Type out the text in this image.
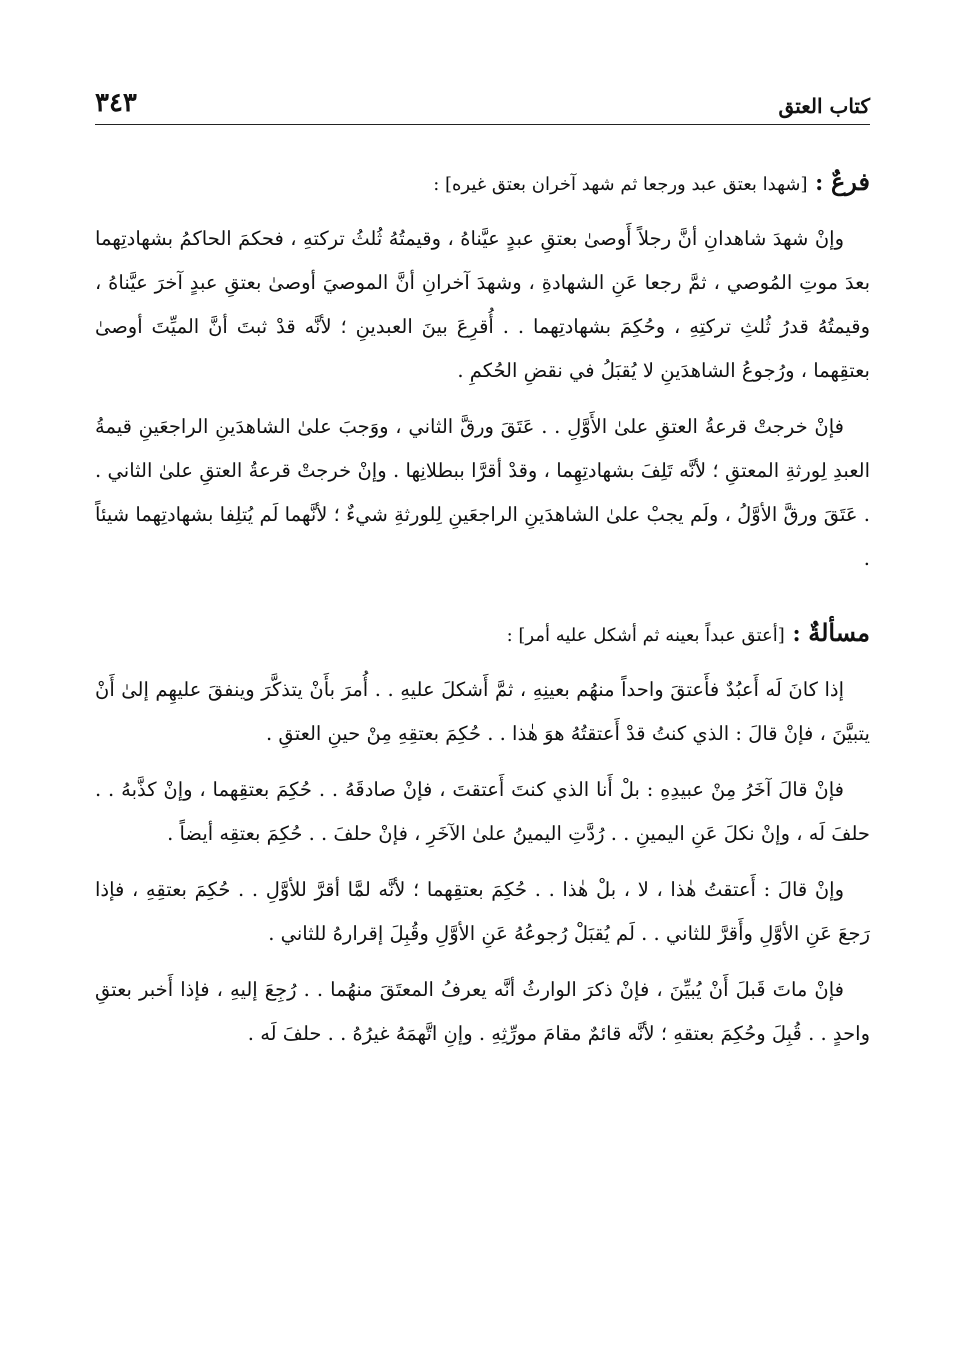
كتاب العتق
٣٤٣
فرعٌ : [شهدا بعتق عبد ورجعا ثم شهد آخران بعتق غيره] :

وإنْ شهدَ شاهدانِ أنَّ رجلاً أَوصىٰ بعتقِ عبدٍ عيَّناهُ ، وقيمتُهُ ثُلثُ تركتهِ ، فحكمَ الحاكمُ بشهادتِهما بعدَ موتِ المُوصي ، ثمَّ رجعا عَنِ الشهادةِ ، وشهدَ آخرانِ أنَّ الموصيَ أوصىٰ بعتقِ عبدٍ آخرَ عيَّناهُ ، وقيمتُهُ قدرُ ثُلثِ تركتِهِ ، وحُكِمَ بشهادتِهما . . أُقرِعَ بينَ العبدينِ ؛ لأنَّه قدْ ثبتَ أنَّ الميِّتَ أوصىٰ بعتقِهما ، ورُجوعُ الشاهدَينِ لا يُقبَلُ في نقضِ الحُكمِ .

فإنْ خرجتْ قرعةُ العتقِ علىٰ الأَوَّلِ . . عَتَقَ ورقَّ الثاني ، ووَجبَ علىٰ الشاهدَينِ الراجعَينِ قيمةُ العبدِ لِورثةِ المعتقِ ؛ لأنَّه تَلِفَ بشهادتِهِما ، وقدْ أقرَّا ببطلانِها . وإنْ خرجتْ قرعةُ العتقِ علىٰ الثاني . . عَتَقَ ورقَّ الأوَّلُ ، ولَم يجبْ علىٰ الشاهدَينِ الراجعَينِ لِلورثةِ شيءٌ ؛ لأنَّهما لَم يُتلِفا بشهادتِهما شيئاً .

مسألةٌ : [أعتق عبداً بعينه ثم أشكل عليه أمر] :

إذا كانَ لَه أَعبُدٌ فأَعتقَ واحداً منهُم بعينِهِ ، ثمَّ أَشكلَ عليهِ . . أُمرَ بأَنْ يتذكَّرَ وينفقَ عليهِم إلىٰ أَنْ يتبيَّنَ ، فإنْ قالَ : الذي كنتُ قدْ أَعتقتُهُ هوَ هٰذا . . حُكِمَ بعتقِهِ مِنْ حينِ العتقِ .

فإنْ قالَ آخَرُ مِنْ عبيدِهِ : بلْ أَنا الذي كنتَ أَعتقتَ ، فإنْ صادقَهُ . . حُكِمَ بعتقِهما ، وإنْ كذَّبهُ . . حلفَ لَه ، وإنْ نكلَ عَنِ اليمينِ . . رُدَّتِ اليمينُ علىٰ الآخَرِ ، فإنْ حلفَ . . حُكِمَ بعتقِه أيضاً .

وإنْ قالَ : أَعتقتُ هٰذا ، لا ، بلْ هٰذا . . حُكِمَ بعتقِهما ؛ لأنَّه لمَّا أقرَّ للأوَّلِ . . حُكِمَ بعتقِهِ ، فإذا رَجعَ عَنِ الأوَّلِ وأَقرَّ للثاني . . لَم يُقبَلْ رُجوعُهُ عَنِ الأوَّلِ وقُبِلَ إقرارهُ للثاني .

فإنْ ماتَ قَبلَ أَنْ يُبيِّنَ ، فإنْ ذكرَ الوارثُ أنَّه يعرفُ المعتَقَ منهُما . . رُجِعَ إليهِ ، فإذا أَخبر بعتقِ واحدٍ . . قُبِلَ وحُكِمَ بعتقهِ ؛ لأنَّه قائمٌ مقامَ مورِّثِهِ . وإنِ اتَّهمَهُ غيرُهُ . . حلفَ لَه .
